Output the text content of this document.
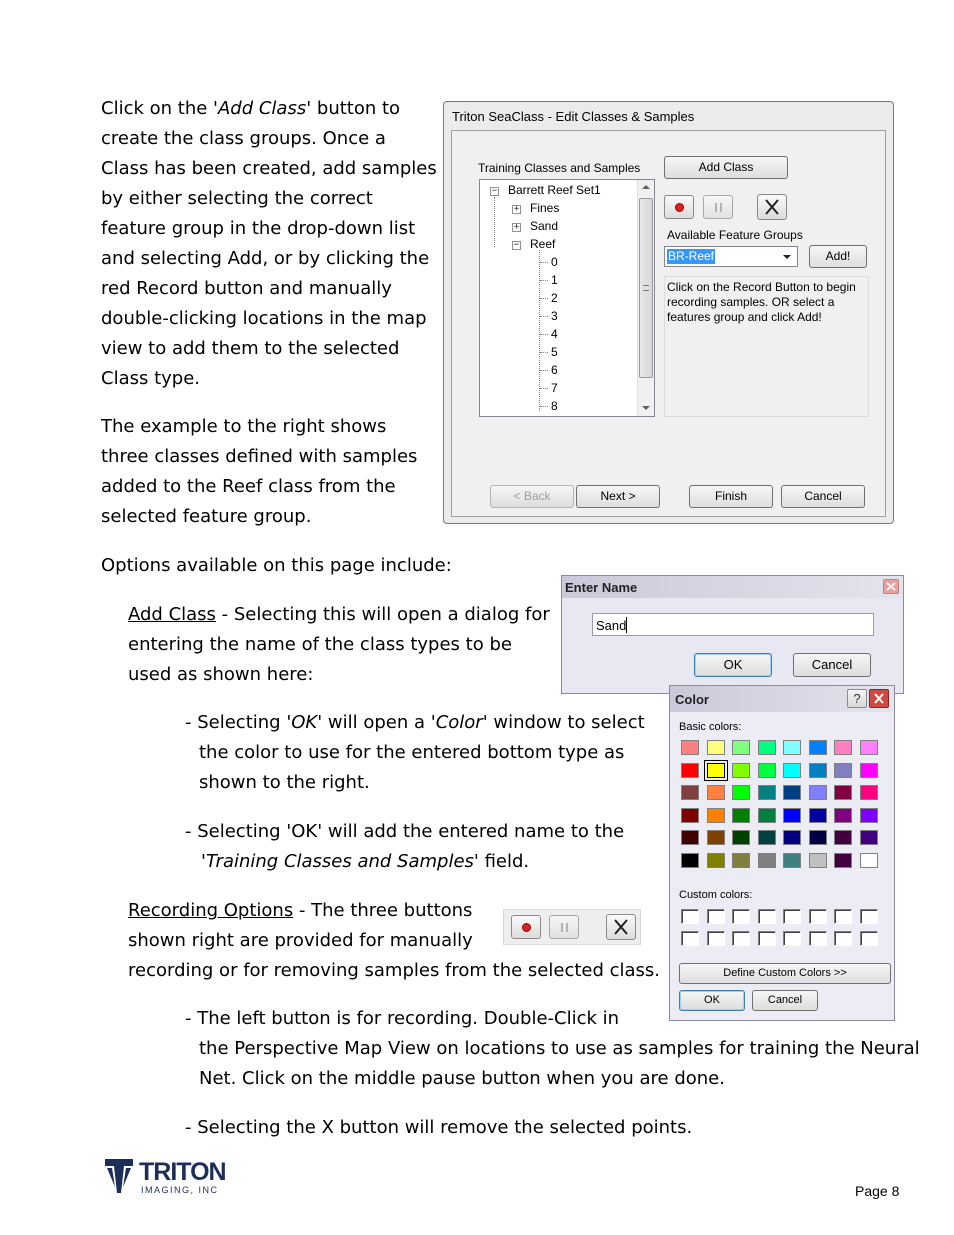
Click on the 'Add Class' button to
create the class groups. Once a
Class has been created, add samples
by either selecting the correct
feature group in the drop-down list
and selecting Add, or by clicking the
red Record button and manually
double-clicking locations in the map
view to add them to the selected
Class type.
The example to the right shows
three classes defined with samples
added to the Reef class from the
selected feature group.
Options available on this page include:
Add Class - Selecting this will open a dialog for
entering the name of the class types to be
used as shown here:
- Selecting 'OK' will open a 'Color' window to select
the color to use for the entered bottom type as
shown to the right.
- Selecting 'OK' will add the entered name to the
'Training Classes and Samples' field.
Recording Options - The three buttons
shown right are provided for manually
recording or for removing samples from the selected class.
- The left button is for recording. Double-Click in
the Perspective Map View on locations to use as samples for training the Neural
Net. Click on the middle pause button when you are done.
- Selecting the X button will remove the selected points.
Triton SeaClass - Edit Classes & Samples
Training Classes and Samples
− Barrett Reef Set1
+ Fines
+ Sand
− Reef
0
1
2
3
4
5
6
7
8
Add Class
Available Feature Groups
BR-Reef	Add!
Click on the Record Button to begin
recording samples. OR select a
features group and click Add!
< Back	Next >	Finish	Cancel
Enter Name
Sand
OK	Cancel
Color	?
Basic colors:
Custom colors:
Define Custom Colors >>
OK	Cancel
TRITON
IMAGING, INC	Page 8
